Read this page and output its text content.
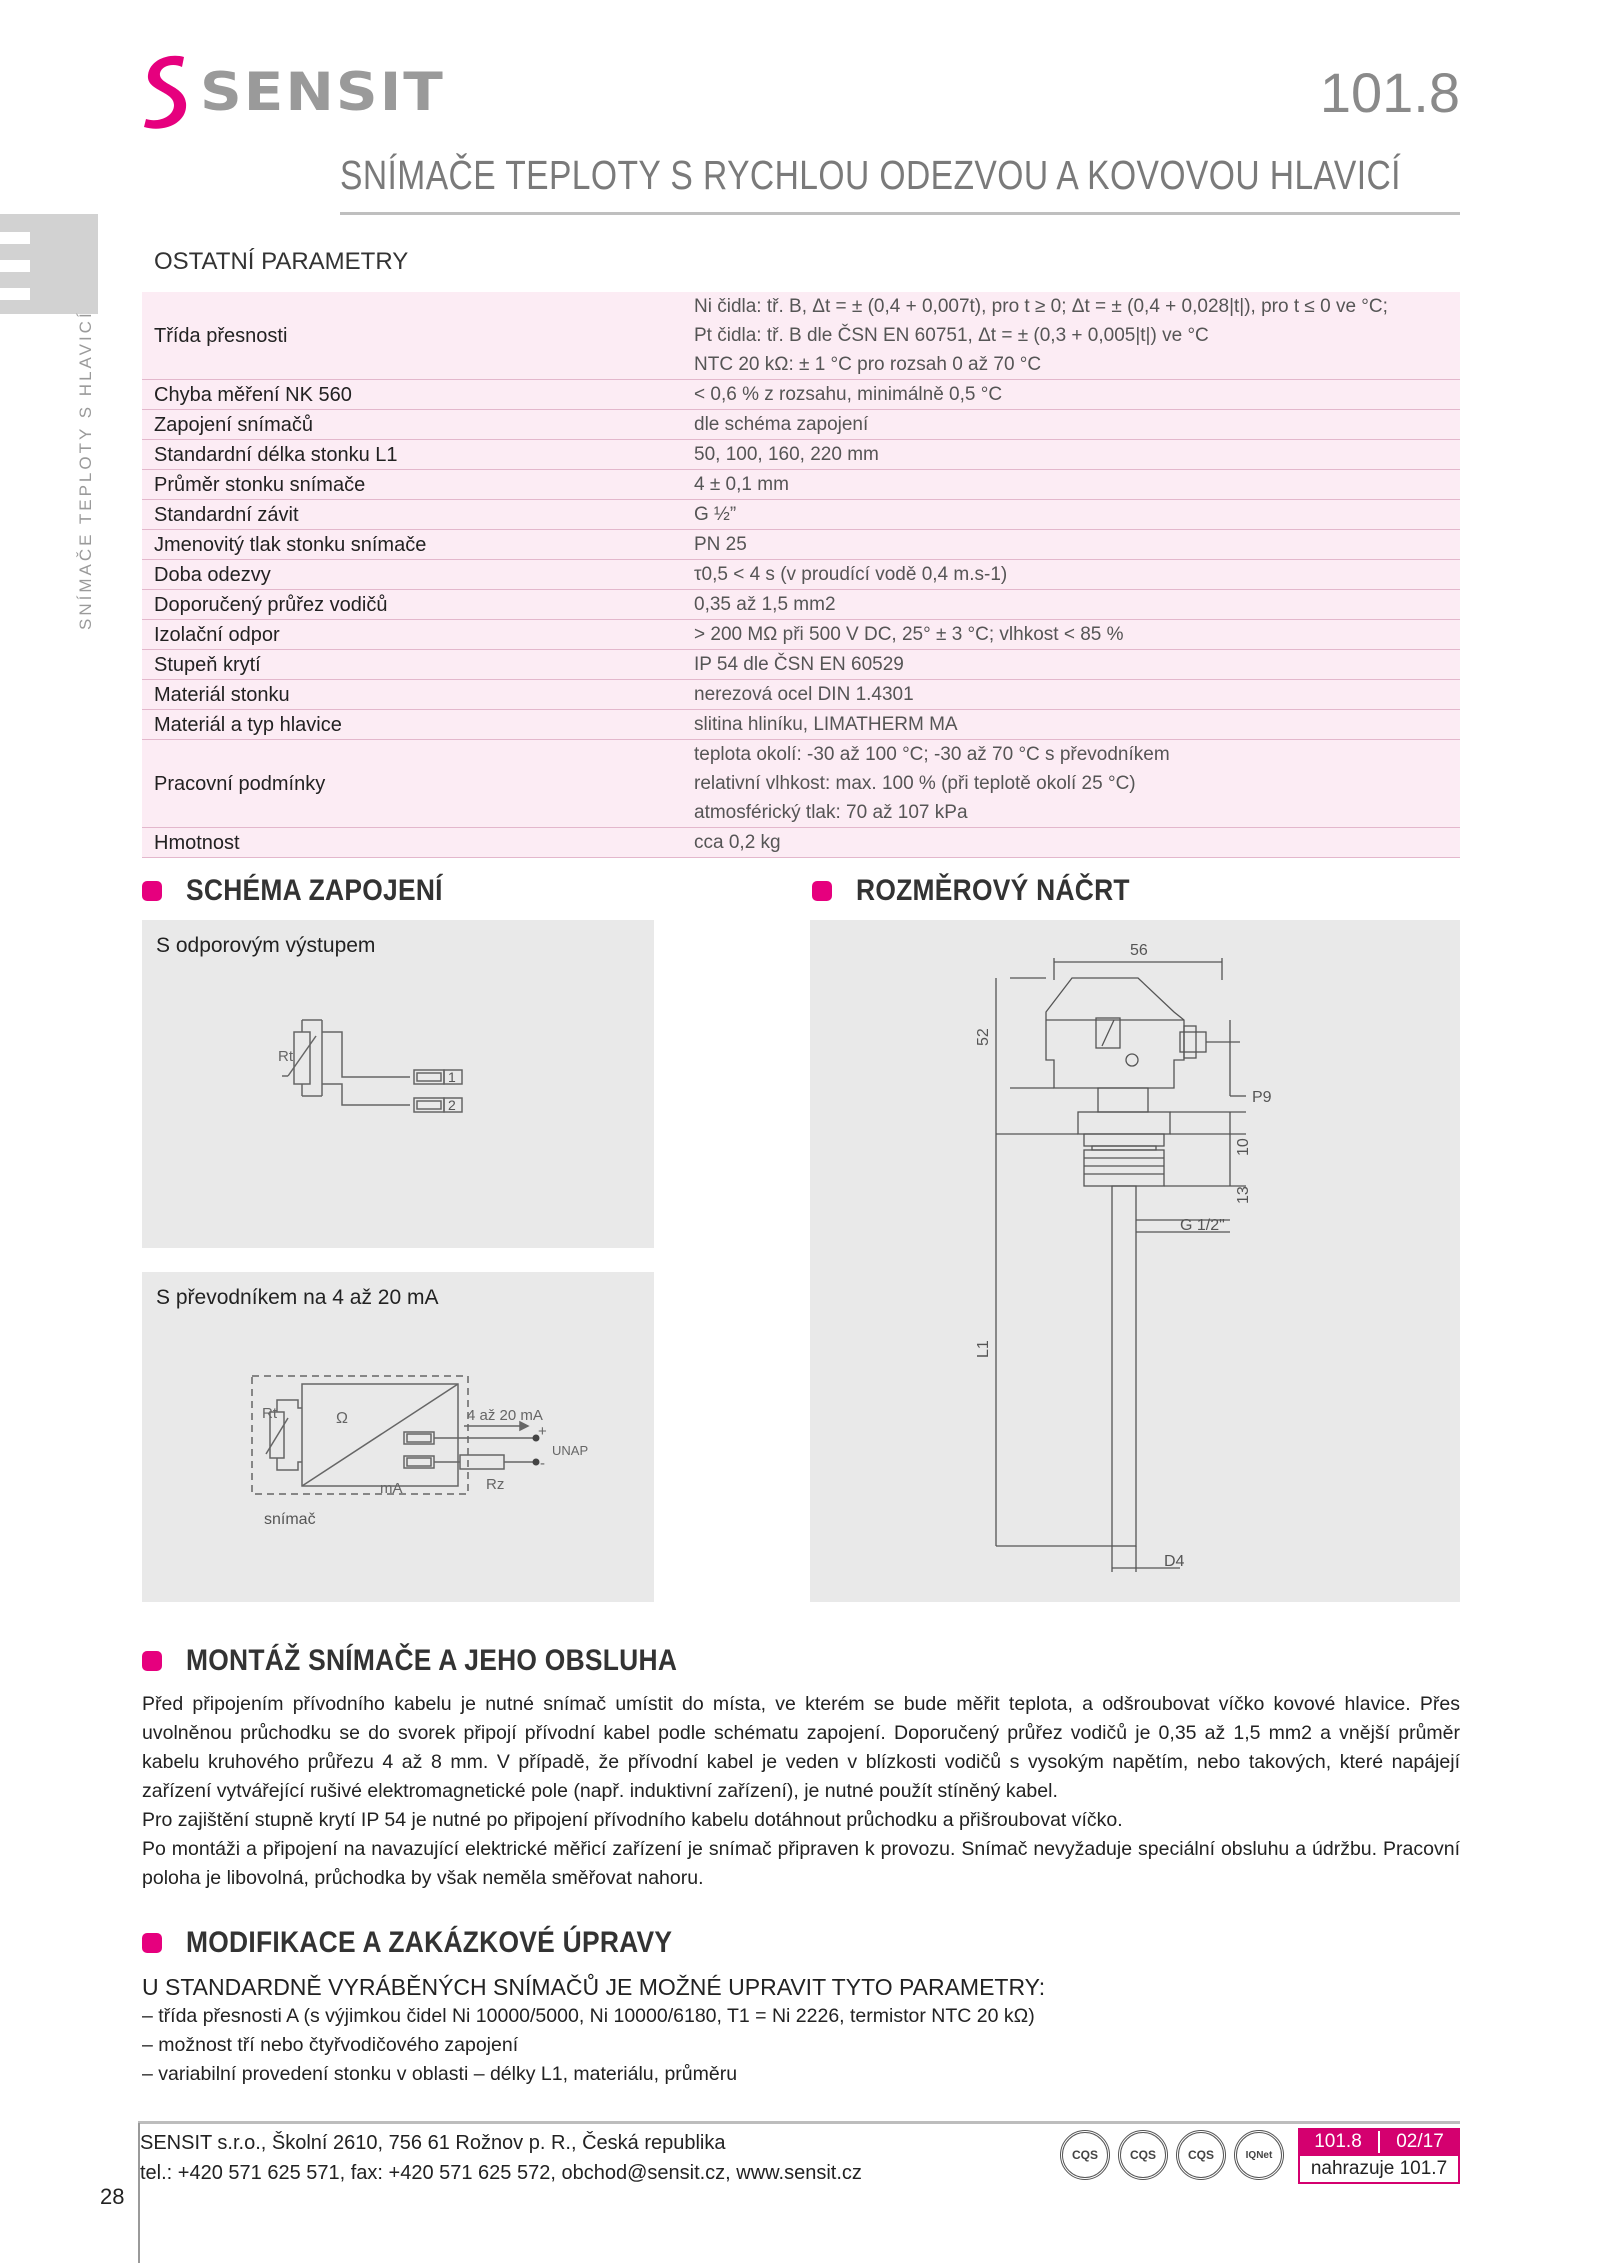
SENSIT	101.8
SNÍMAČE TEPLOTY S RYCHLOU ODEZVOU A KOVOVOU HLAVICÍ
SNÍMAČE TEPLOTY S HLAVICÍ
OSTATNÍ PARAMETRY
Třída přesnosti	Ni čidla: tř. B, Δt = ± (0,4 + 0,007t), pro t ≥ 0; Δt = ± (0,4 + 0,028|t|), pro t ≤ 0 ve °C;
Pt čidla: tř. B dle ČSN EN 60751, Δt = ± (0,3 + 0,005|t|) ve °C
NTC 20 kΩ: ± 1 °C pro rozsah 0 až 70 °C

Chyba měření NK 560	< 0,6 % z rozsahu, minimálně 0,5 °C

Zapojení snímačů	dle schéma zapojení

Standardní délka stonku L1	50, 100, 160, 220 mm

Průměr stonku snímače	4 ± 0,1 mm

Standardní závit	G ½”

Jmenovitý tlak stonku snímače	PN 25

Doba odezvy	τ0,5 < 4 s (v proudící vodě 0,4 m.s-1)

Doporučený průřez vodičů	0,35 až 1,5 mm2

Izolační odpor	> 200 MΩ při 500 V DC, 25° ± 3 °C; vlhkost < 85 %

Stupeň krytí	IP 54 dle ČSN EN 60529

Materiál stonku	nerezová ocel DIN 1.4301

Materiál a typ hlavice	slitina hliníku, LIMATHERM MA

Pracovní podmínky	teplota okolí: -30 až 100 °C; -30 až 70 °C s převodníkem
relativní vlhkost: max. 100 % (při teplotě okolí 25 °C)
atmosférický tlak: 70 až 107 kPa

Hmotnost	cca 0,2 kg
SCHÉMA ZAPOJENÍ
S odporovým výstupem
Rt
1
2
S převodníkem na 4 až 20 mA
Rt	Ω
mA
4 až 20 mA
+
-
UNAP
Rz
snímač
ROZMĚROVÝ NÁČRT
56
52
P9
10
13
G 1/2"
L1
D4
MONTÁŽ SNÍMAČE A JEHO OBSLUHA

Před připojením přívodního kabelu je nutné snímač umístit do místa, ve kterém se bude měřit teplota, a odšroubovat víčko kovové hlavice. Přes uvolněnou průchodku se do svorek připojí přívodní kabel podle schématu zapojení. Doporučený průřez vodičů je 0,35 až 1,5 mm2 a vnější průměr kabelu kruhového průřezu 4 až 8 mm. V případě, že přívodní kabel je veden v blízkosti vodičů s vysokým napětím, nebo takových, které napájejí zařízení vytvářející rušivé elektromagnetické pole (např. induktivní zařízení), je nutné použít stíněný kabel.

Pro zajištění stupně krytí IP 54 je nutné po připojení přívodního kabelu dotáhnout průchodku a přišroubovat víčko.

Po montáži a připojení na navazující elektrické měřicí zařízení je snímač připraven k provozu. Snímač nevyžaduje speciální obsluhu a údržbu. Pracovní poloha je libovolná, průchodka by však neměla směřovat nahoru.

MODIFIKACE A ZAKÁZKOVÉ ÚPRAVY
U STANDARDNĚ VYRÁBĚNÝCH SNÍMAČŮ JE MOŽNÉ UPRAVIT TYTO PARAMETRY:
– třída přesnosti A (s výjimkou čidel Ni 10000/5000, Ni 10000/6180, T1 = Ni 2226, termistor NTC 20 kΩ)
– možnost tří nebo čtyřvodičového zapojení
– variabilní provedení stonku v oblasti – délky L1, materiálu, průměru
SENSIT s.r.o., Školní 2610, 756 61 Rožnov p. R., Česká republika
tel.: +420 571 625 571, fax: +420 571 625 572, obchod@sensit.cz, www.sensit.cz
28
CQS	CQS	CQS	IQNet
101.8	02/17
nahrazuje 101.7
